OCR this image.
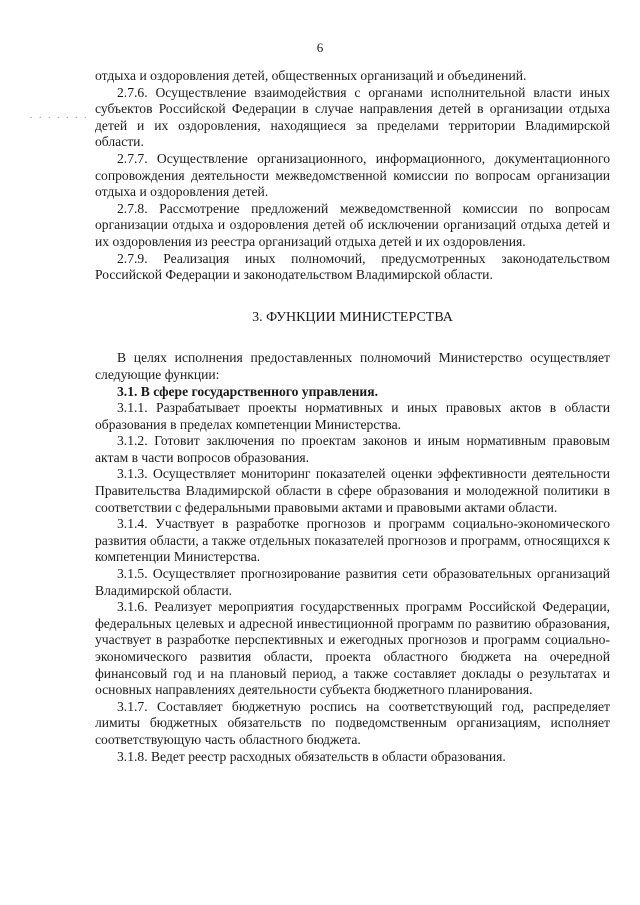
6
. . . . . . .

отдыха и оздоровления детей, общественных организаций и объединений.

2.7.6. Осуществление взаимодействия с органами исполнительной власти иных субъектов Российской Федерации в случае направления детей в организации отдыха детей и их оздоровления, находящиеся за пределами территории Владимирской области.

2.7.7. Осуществление организационного, информационного, документационного сопровождения деятельности межведомственной комиссии по вопросам организации отдыха и оздоровления детей.

2.7.8. Рассмотрение предложений межведомственной комиссии по вопросам организации отдыха и оздоровления детей об исключении организаций отдыха детей и их оздоровления из реестра организаций отдыха детей и их оздоровления.

2.7.9. Реализация иных полномочий, предусмотренных законодательством Российской Федерации и законодательством Владимирской области.

3. ФУНКЦИИ МИНИСТЕРСТВА

В целях исполнения предоставленных полномочий Министерство осуществляет следующие функции:

3.1. В сфере государственного управления.

3.1.1. Разрабатывает проекты нормативных и иных правовых актов в области образования в пределах компетенции Министерства.

3.1.2. Готовит заключения по проектам законов и иным нормативным правовым актам в части вопросов образования.

3.1.3. Осуществляет мониторинг показателей оценки эффективности деятельности Правительства Владимирской области в сфере образования и молодежной политики в соответствии с федеральными правовыми актами и правовыми актами области.

3.1.4. Участвует в разработке прогнозов и программ социально-экономического развития области, а также отдельных показателей прогнозов и программ, относящихся к компетенции Министерства.

3.1.5. Осуществляет прогнозирование развития сети образовательных организаций Владимирской области.

3.1.6. Реализует мероприятия государственных программ Российской Федерации, федеральных целевых и адресной инвестиционной программ по развитию образования, участвует в разработке перспективных и ежегодных прогнозов и программ социально-экономического развития области, проекта областного бюджета на очередной финансовый год и на плановый период, а также составляет доклады о результатах и основных направлениях деятельности субъекта бюджетного планирования.

3.1.7. Составляет бюджетную роспись на соответствующий год, распределяет лимиты бюджетных обязательств по подведомственным организациям, исполняет соответствующую часть областного бюджета.

3.1.8. Ведет реестр расходных обязательств в области образования.
